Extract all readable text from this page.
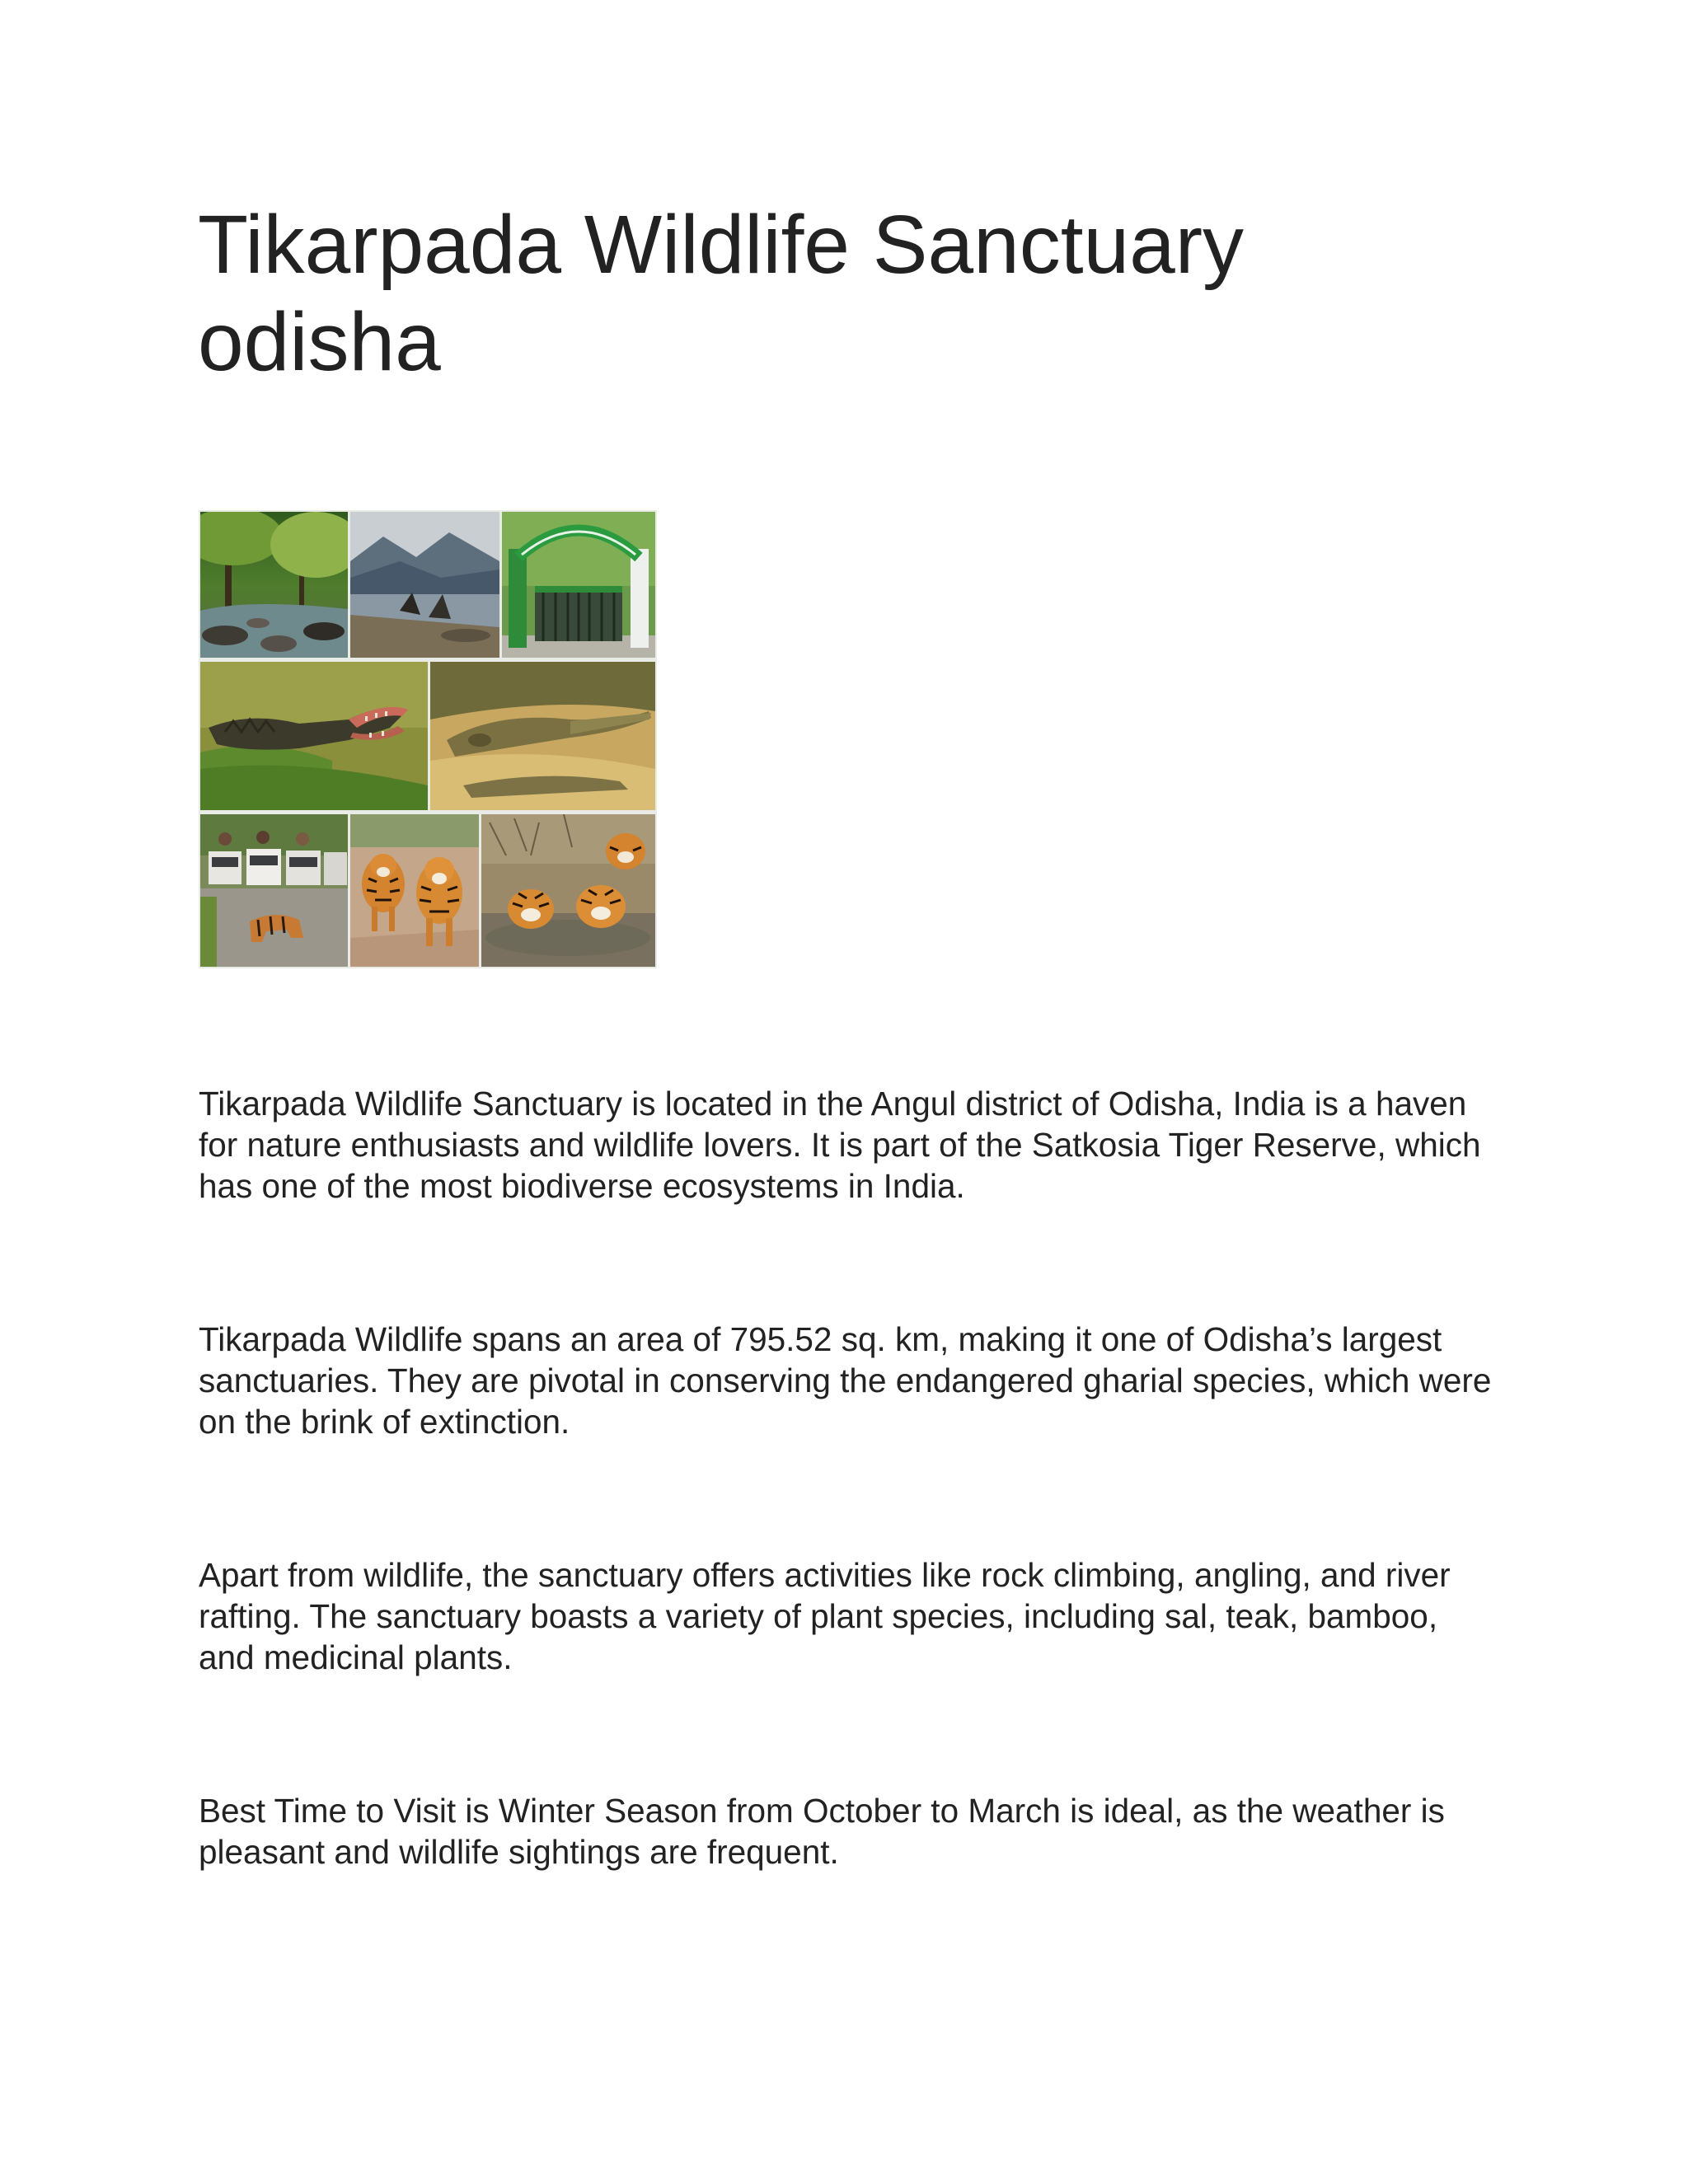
Tikarpada Wildlife Sanctuary
odisha

Tikarpada Wildlife Sanctuary is located in the Angul district of Odisha, India is a haven for nature enthusiasts and wildlife lovers. It is part of the Satkosia Tiger Reserve, which has one of the most biodiverse ecosystems in India.

Tikarpada Wildlife spans an area of 795.52 sq. km, making it one of Odisha’s largest sanctuaries. They are pivotal in conserving the endangered gharial species, which were on the brink of extinction.

Apart from wildlife, the sanctuary offers activities like rock climbing, angling, and river rafting. The sanctuary boasts a variety of plant species, including sal, teak, bamboo, and medicinal plants.

Best Time to Visit is Winter Season from October to March is ideal, as the weather is pleasant and wildlife sightings are frequent.
